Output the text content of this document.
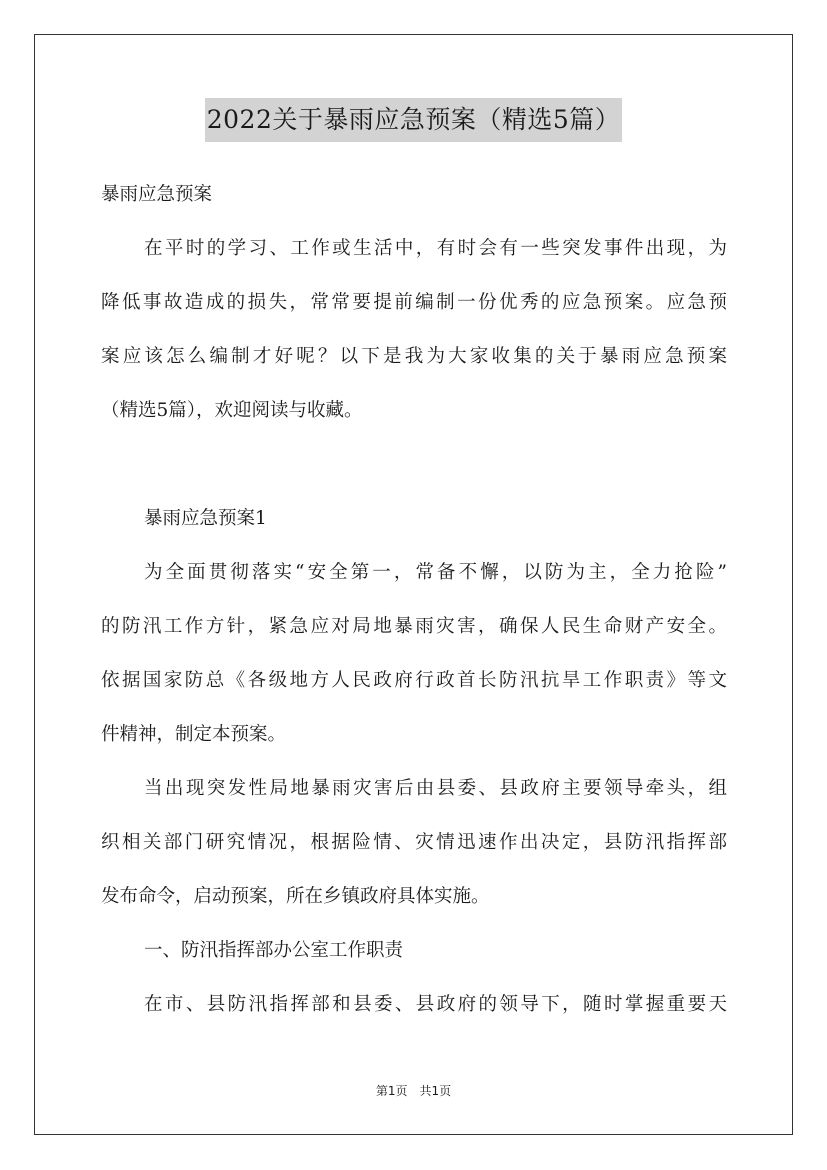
2022关于暴雨应急预案（精选5篇）

暴雨应急预案

在平时的学习、工作或生活中，有时会有一些突发事件出现，为

降低事故造成的损失，常常要提前编制一份优秀的应急预案。应急预

案应该怎么编制才好呢？以下是我为大家收集的关于暴雨应急预案

（精选5篇），欢迎阅读与收藏。

暴雨应急预案1

为全面贯彻落实“安全第一，常备不懈，以防为主，全力抢险”

的防汛工作方针，紧急应对局地暴雨灾害，确保人民生命财产安全。

依据国家防总《各级地方人民政府行政首长防汛抗旱工作职责》等文

件精神，制定本预案。

当出现突发性局地暴雨灾害后由县委、县政府主要领导牵头，组

织相关部门研究情况，根据险情、灾情迅速作出决定，县防汛指挥部

发布命令，启动预案，所在乡镇政府具体实施。

一、防汛指挥部办公室工作职责

在市、县防汛指挥部和县委、县政府的领导下，随时掌握重要天

第1页　共1页
